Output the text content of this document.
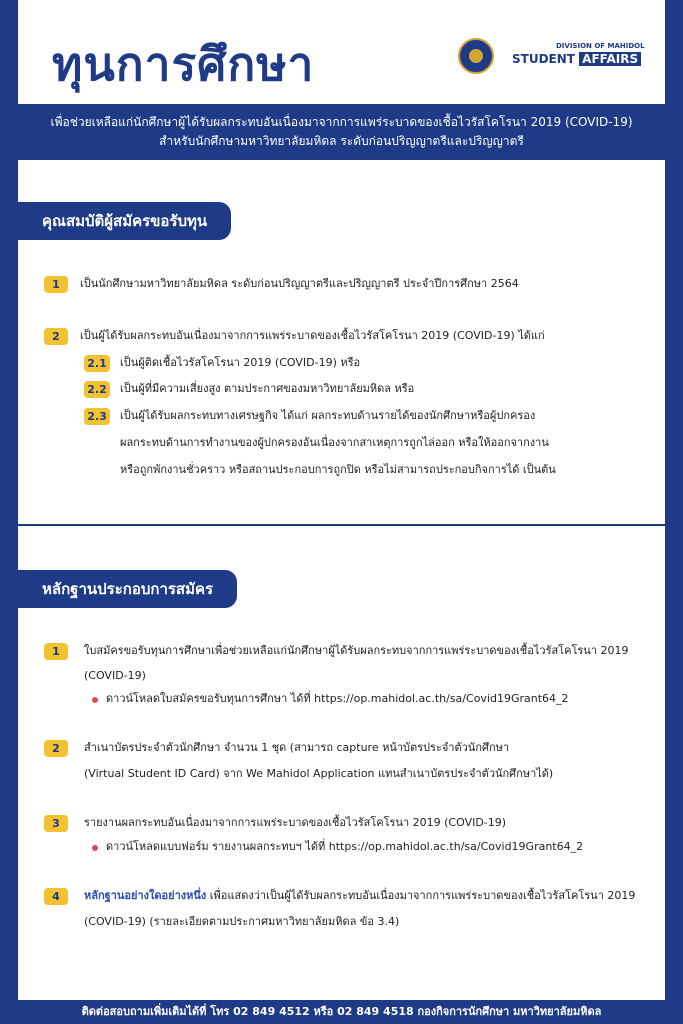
ทุนการศึกษา	DIVISION OF MAHIDOL
STUDENT AFFAIRS
เพื่อช่วยเหลือแก่นักศึกษาผู้ได้รับผลกระทบอันเนื่องมาจากการแพร่ระบาดของเชื้อไวรัสโคโรนา 2019 (COVID-19)
สำหรับนักศึกษามหาวิทยาลัยมหิดล ระดับก่อนปริญญาตรีและปริญญาตรี
คุณสมบัติผู้สมัครขอรับทุน
1	เป็นนักศึกษามหาวิทยาลัยมหิดล ระดับก่อนปริญญาตรีและปริญญาตรี ประจำปีการศึกษา 2564
2	เป็นผู้ได้รับผลกระทบอันเนื่องมาจากการแพร่ระบาดของเชื้อไวรัสโคโรนา 2019 (COVID-19) ได้แก่
2.1 เป็นผู้ติดเชื้อไวรัสโคโรนา 2019 (COVID-19) หรือ
2.2 เป็นผู้ที่มีความเสี่ยงสูง ตามประกาศของมหาวิทยาลัยมหิดล หรือ
2.3 เป็นผู้ได้รับผลกระทบทางเศรษฐกิจ ได้แก่ ผลกระทบด้านรายได้ของนักศึกษาหรือผู้ปกครอง
ผลกระทบด้านการทำงานของผู้ปกครองอันเนื่องจากสาเหตุการถูกไล่ออก หรือให้ออกจากงาน
หรือถูกพักงานชั่วคราว หรือสถานประกอบการถูกปิด หรือไม่สามารถประกอบกิจการได้ เป็นต้น
หลักฐานประกอบการสมัคร
1	ใบสมัครขอรับทุนการศึกษาเพื่อช่วยเหลือแก่นักศึกษาผู้ได้รับผลกระทบจากการแพร่ระบาดของเชื้อไวรัสโคโรนา 2019
(COVID-19)
ดาวน์โหลดใบสมัครขอรับทุนการศึกษา ได้ที่ https://op.mahidol.ac.th/sa/Covid19Grant64_2
2	สำเนาบัตรประจำตัวนักศึกษา จำนวน 1 ชุด (สามารถ capture หน้าบัตรประจำตัวนักศึกษา
(Virtual Student ID Card) จาก We Mahidol Application แทนสำเนาบัตรประจำตัวนักศึกษาได้)
3	รายงานผลกระทบอันเนื่องมาจากการแพร่ระบาดของเชื้อไวรัสโคโรนา 2019 (COVID-19)
ดาวน์โหลดแบบฟอร์ม รายงานผลกระทบฯ ได้ที่ https://op.mahidol.ac.th/sa/Covid19Grant64_2
4	หลักฐานอย่างใดอย่างหนึ่ง เพื่อแสดงว่าเป็นผู้ได้รับผลกระทบอันเนื่องมาจากการแพร่ระบาดของเชื้อไวรัสโคโรนา 2019
(COVID-19) (รายละเอียดตามประกาศมหาวิทยาลัยมหิดล ข้อ 3.4)
ติดต่อสอบถามเพิ่มเติมได้ที่ โทร 02 849 4512 หรือ 02 849 4518 กองกิจการนักศึกษา มหาวิทยาลัยมหิดล
